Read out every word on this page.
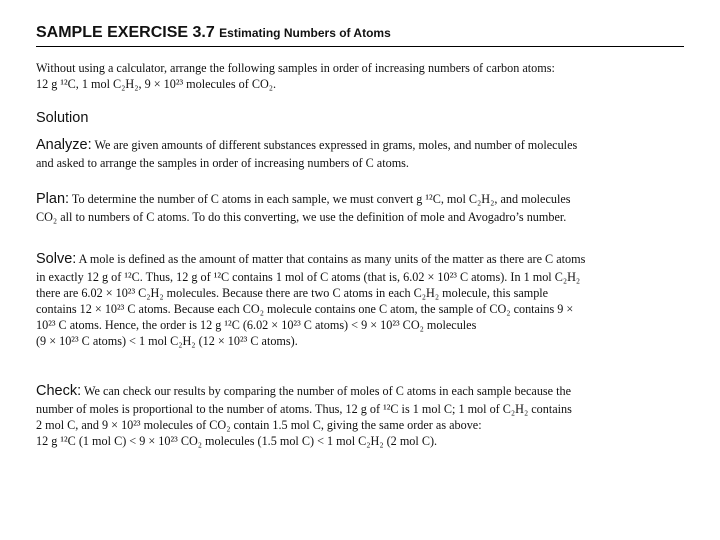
SAMPLE EXERCISE 3.7 Estimating Numbers of Atoms
Without using a calculator, arrange the following samples in order of increasing numbers of carbon atoms:
12 g ¹²C, 1 mol C₂H₂, 9 × 10²³ molecules of CO₂.
Solution
Analyze: We are given amounts of different substances expressed in grams, moles, and number of molecules
and asked to arrange the samples in order of increasing numbers of C atoms.
Plan: To determine the number of C atoms in each sample, we must convert g ¹²C, mol C₂H₂, and molecules
CO₂ all to numbers of C atoms. To do this converting, we use the definition of mole and Avogadro’s number.
Solve: A mole is defined as the amount of matter that contains as many units of the matter as there are C atoms
in exactly 12 g of ¹²C. Thus, 12 g of ¹²C contains 1 mol of C atoms (that is, 6.02 × 10²³ C atoms). In 1 mol C₂H₂
there are 6.02 × 10²³ C₂H₂ molecules. Because there are two C atoms in each C₂H₂ molecule, this sample
contains 12 × 10²³ C atoms. Because each CO₂ molecule contains one C atom, the sample of CO₂ contains 9 ×
10²³ C atoms. Hence, the order is 12 g ¹²C (6.02 × 10²³ C atoms) < 9 × 10²³ CO₂ molecules
(9 × 10²³ C atoms) < 1 mol C₂H₂ (12 × 10²³ C atoms).
Check: We can check our results by comparing the number of moles of C atoms in each sample because the
number of moles is proportional to the number of atoms. Thus, 12 g of ¹²C is 1 mol C; 1 mol of C₂H₂ contains
2 mol C, and 9 × 10²³ molecules of CO₂ contain 1.5 mol C, giving the same order as above:
12 g ¹²C (1 mol C) < 9 × 10²³ CO₂ molecules (1.5 mol C) < 1 mol C₂H₂ (2 mol C).
